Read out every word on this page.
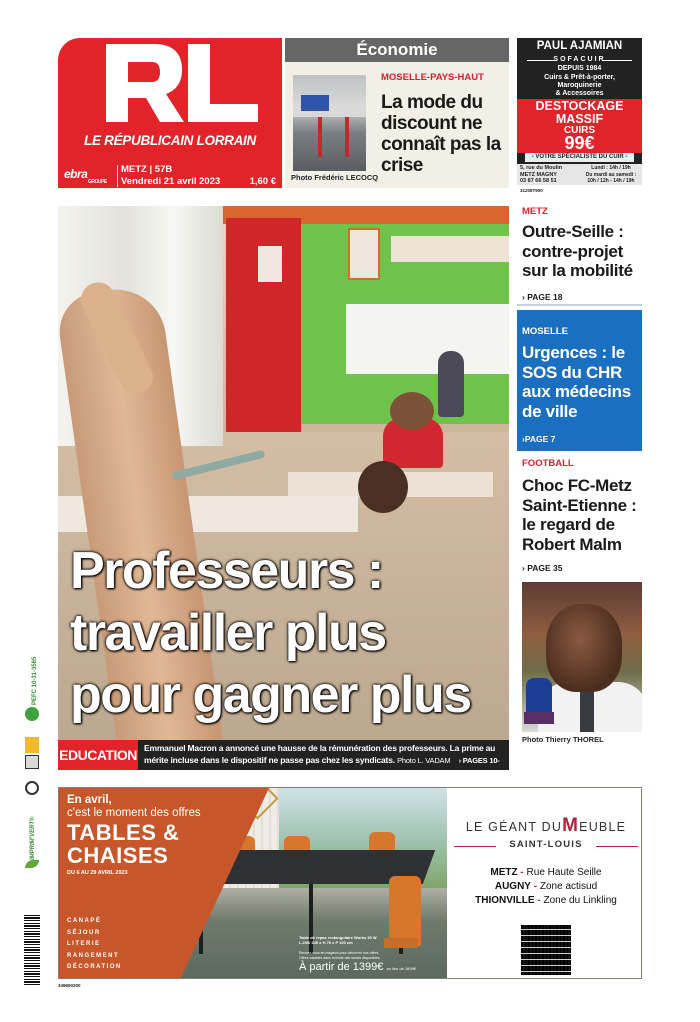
LE RÉPUBLICAIN LORRAIN
ebra
GROUPE
METZ | 57B
Vendredi 21 avril 2023	1,60 €
Économie
Photo Frédéric LECOCQ
MOSELLE-PAYS-HAUT
La mode du discount ne connaît pas la crise
PAUL AJAMIAN
SOFACUIR
DEPUIS 1984
Cuirs & Prêt-à-porter,
Maroquinerie
& Accessoires
DESTOCKAGE
MASSIF
CUIRS
99€
- VOTRE SPÉCIALISTE DU CUIR -
5, rue du Moulin
METZ MAGNY
03 87 66 58 51
Lundi : 14h / 19h
Du mardi au samedi :
10h / 12h - 14h / 19h
31208T900
Professeurs :
travailler plus
pour gagner plus
EDUCATION Emmanuel Macron a annoncé une hausse de la rémunération des professeurs. La prime au mérite incluse dans le dispositif ne passe pas chez les syndicats. Photo L. VADAM › PAGES 10-11
METZ
Outre-Seille : contre-projet sur la mobilité
› PAGE 18
MOSELLE
Urgences : le SOS du CHR aux médecins de ville
›PAGE 7
FOOTBALL
Choc FC-Metz Saint-Etienne : le regard de Robert Malm
› PAGE 35
Photo Thierry THOREL
PEFC 10-31-3565
IMPRIM'VERT®
En avril,
c'est le moment des offres
TABLES &
CHAISES
DU 6 AU 29 AVRIL 2023
CANAPÉ
SÉJOUR
LITERIE
RANGEMENT
DÉCORATION
Table de repas rectangulaire Works 20 W
L.200/ 240 x H 76 x P 100 cm
Rendez-vous en magasin pour découvrir nos offres.
Offres valables dans la limite des stocks disponibles.
À partir de 1399€ au lieu de 1699€
LE GÉANT DUMEUBLE
SAINT-LOUIS
METZ - Rue Haute Seille
AUGNY - Zone actisud
THIONVILLE - Zone du Linkling
349650200
